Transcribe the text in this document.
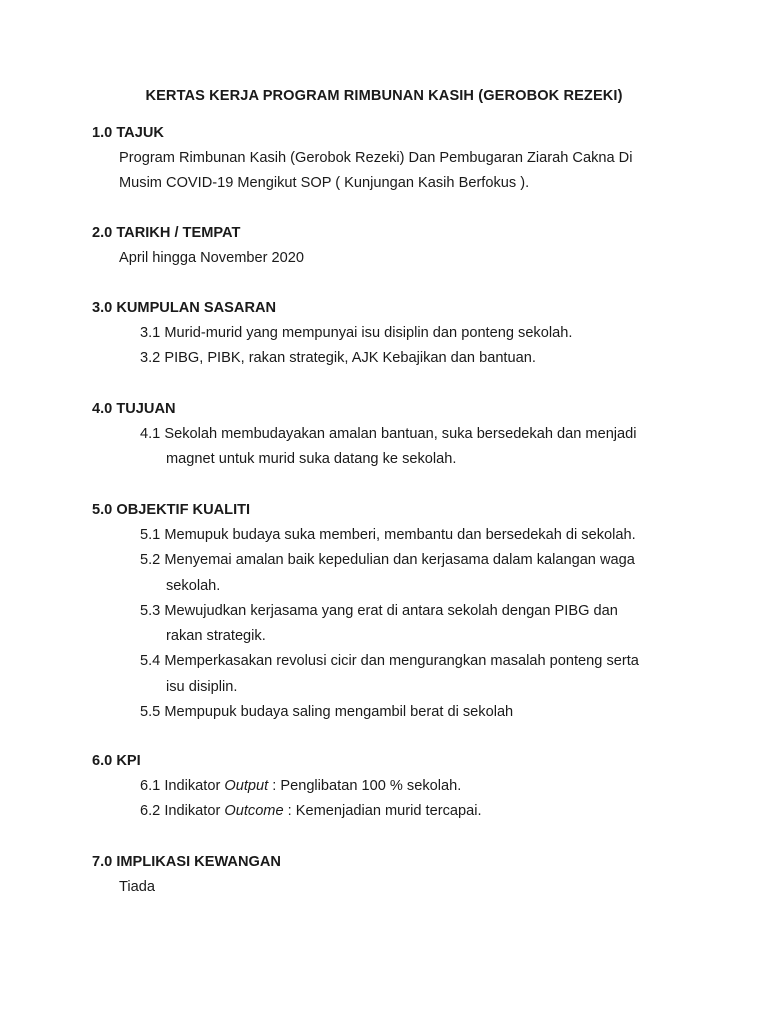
KERTAS KERJA PROGRAM RIMBUNAN KASIH (GEROBOK REZEKI)
1.0 TAJUK
Program Rimbunan Kasih (Gerobok Rezeki) Dan Pembugaran Ziarah Cakna Di
Musim COVID-19 Mengikut SOP ( Kunjungan Kasih Berfokus ).
2.0 TARIKH / TEMPAT
April hingga November 2020
3.0 KUMPULAN SASARAN
3.1 Murid-murid yang mempunyai isu disiplin dan ponteng sekolah.
3.2 PIBG, PIBK, rakan strategik, AJK Kebajikan dan bantuan.
4.0 TUJUAN
4.1 Sekolah membudayakan amalan bantuan, suka bersedekah dan menjadi
magnet untuk murid suka datang ke sekolah.
5.0 OBJEKTIF KUALITI
5.1 Memupuk budaya suka memberi, membantu dan bersedekah di sekolah.
5.2 Menyemai amalan baik kepedulian dan kerjasama dalam kalangan waga
sekolah.
5.3 Mewujudkan kerjasama yang erat di antara sekolah dengan PIBG dan
rakan strategik.
5.4 Memperkasakan revolusi cicir dan mengurangkan masalah ponteng serta
isu disiplin.
5.5 Mempupuk budaya saling mengambil berat di sekolah
6.0 KPI
6.1 Indikator Output : Penglibatan 100 % sekolah.
6.2 Indikator Outcome : Kemenjadian murid tercapai.
7.0 IMPLIKASI KEWANGAN
Tiada
